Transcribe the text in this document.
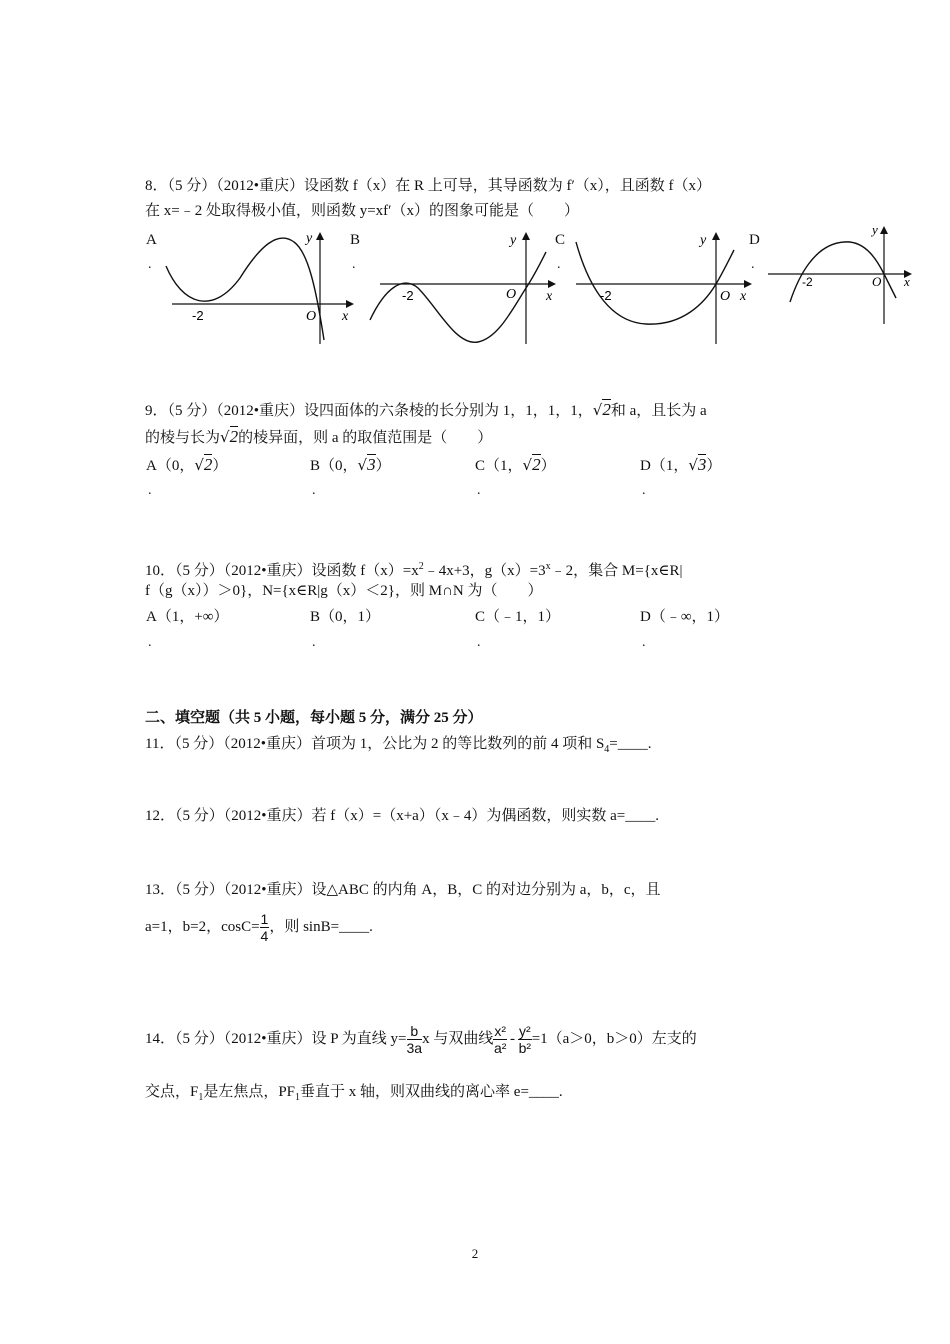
8．（5 分）（2012•重庆）设函数 f（x）在 R 上可导，其导函数为 f′（x），且函数 f（x）
在 x=﹣2 处取得极小值，则函数 y=xf′（x）的图象可能是（　　）
A
.
B
.
C
.
D
.
y
x
O
-2
y
x
O
-2
y
x
O
-2
y
x
O
-2
9．（5 分）（2012•重庆）设四面体的六条棱的长分别为 1，1，1，1，√2和 a，且长为 a
的棱与长为√2的棱异面，则 a 的取值范围是（　　）
A（0，√2）
.
B（0，√3）
.
C（1，√2）
.
D（1，√3）
.
10．（5 分）（2012•重庆）设函数 $f(x)=x^2﹣4x+3$，$g(x)=3^x﹣2$，集合 M={x∈R|
f（g（x））＞0}，N={x∈R|g（x）＜2}，则 M∩N 为（　　）
A（1，+∞）
.
B（0，1）
.
C（﹣1，1）
.
D（﹣∞，1）
.
二、填空题（共 5 小题，每小题 5 分，满分 25 分）
11．（5 分）（2012•重庆）首项为 1，公比为 2 的等比数列的前 4 项和 $S_4=\_\_\_\_$.
12．（5 分）（2012•重庆）若 f（x）=（x+a）（x﹣4）为偶函数，则实数 a=____.
13．（5 分）（2012•重庆）设△ABC 的内角 A，B，C 的对边分别为 a，b，c，且
a=1，b=2，$\cos C= \frac{1}{4}$ ，则 sinB=____.
14．（5 分）（2012•重庆）设 P 为直线 $y= \frac{b}{3a}$ x 与双曲线 $\frac{\text{x²}}{\text{a²}} - \frac{\text{y²}}{\text{b²}} =1(a>0$，b＞0）左支的
交点，$F_1$是左焦点，$PF_1$垂直于 x 轴，则双曲线的离心率 e=____.
2
